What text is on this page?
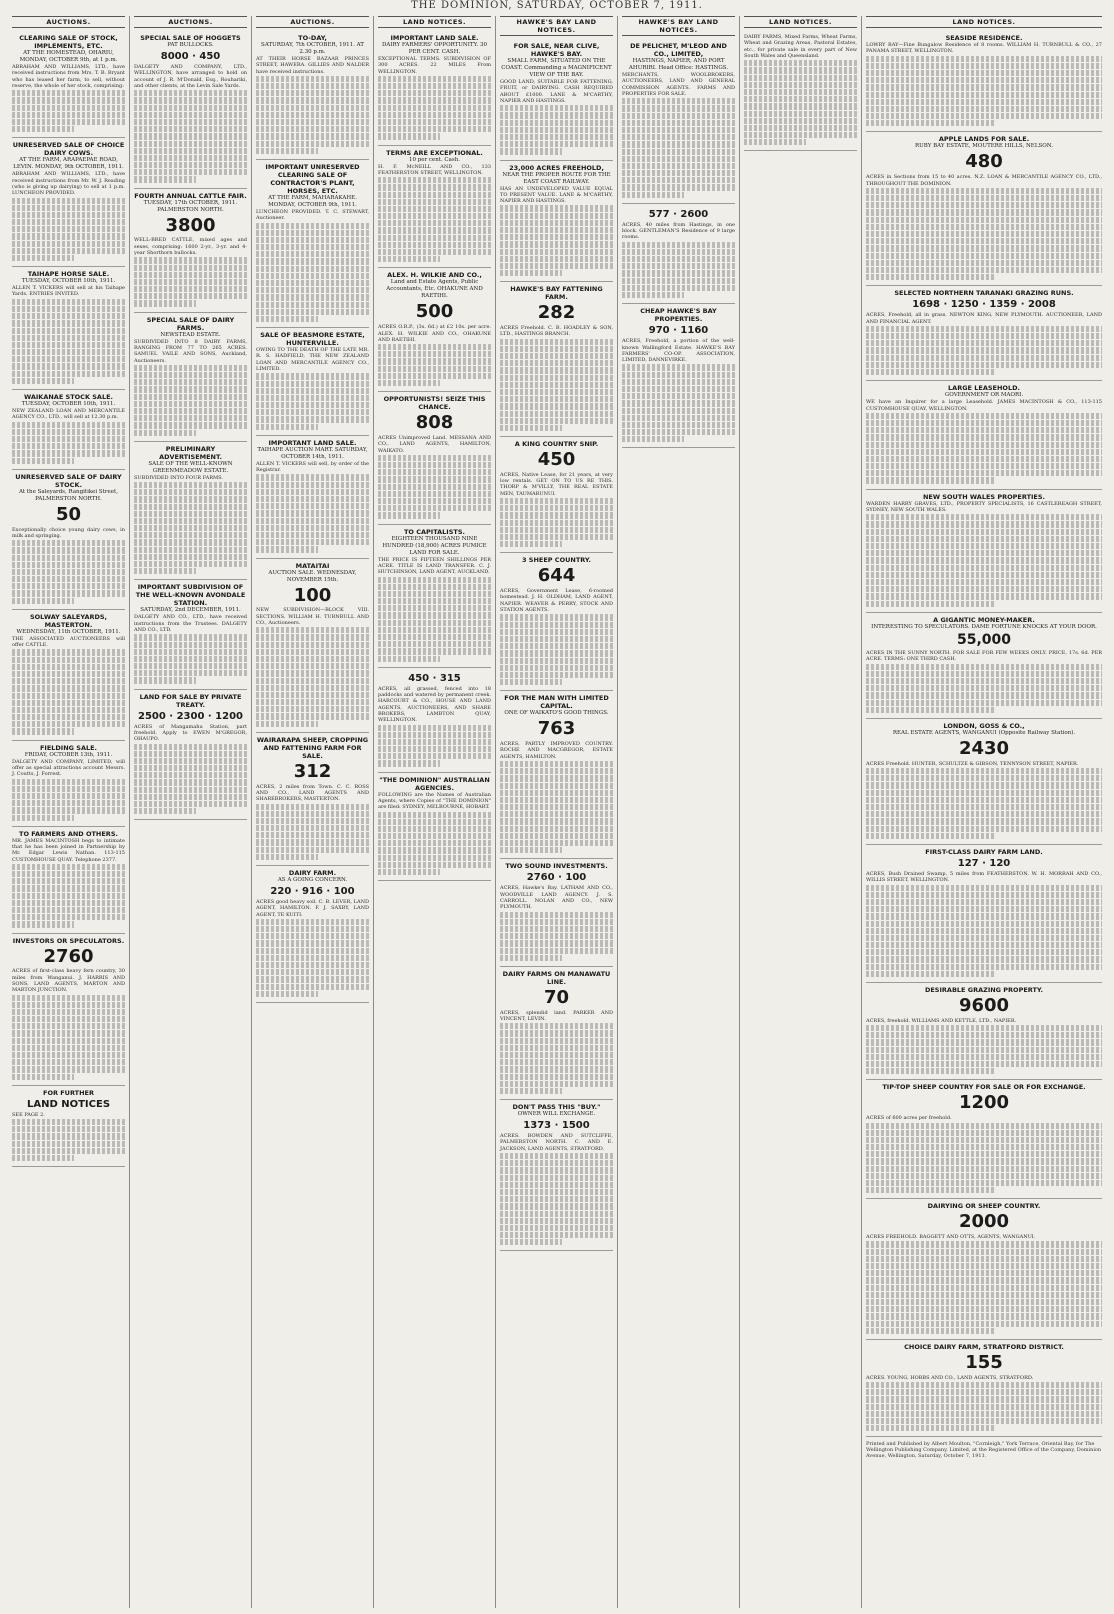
THE DOMINION, SATURDAY, OCTOBER 7, 1911.
AUCTIONS.
CLEARING SALE OF STOCK, IMPLEMENTS, ETC.
AT THE HOMESTEAD, OHARIU, MONDAY, OCTOBER 9th, at 1 p.m.
ABRAHAM AND WILLIAMS, LTD., have received instructions from Mrs. T. B. Bryant who has leased her farm, to sell, without reserve, the whole of her stock, comprising:
UNRESERVED SALE OF CHOICE DAIRY COWS.
AT THE FARM, ARAPAEPAE ROAD, LEVIN. MONDAY, 9th OCTOBER, 1911.
ABRAHAM AND WILLIAMS, LTD., have received instructions from Mr. W. J. Reading (who is giving up dairying) to sell at 1 p.m. LUNCHEON PROVIDED.
TAIHAPE HORSE SALE.
TUESDAY, OCTOBER 10th, 1911.
ALLEN T. VICKERS will sell at his Taihape Yards. ENTRIES INVITED.
WAIKANAE STOCK SALE.
TUESDAY, OCTOBER 10th, 1911.
NEW ZEALAND LOAN AND MERCANTILE AGENCY CO., LTD., will sell at 12.30 p.m.
UNRESERVED SALE OF DAIRY STOCK.
At the Saleyards, Rangitikei Street, PALMERSTON NORTH.
50
Exceptionally choice young dairy cows, in milk and springing.
SOLWAY SALEYARDS, MASTERTON.
WEDNESDAY, 11th OCTOBER, 1911.
THE ASSOCIATED AUCTIONEERS will offer CATTLE.
FIELDING SALE.
FRIDAY, OCTOBER 13th, 1911.
DALGETY AND COMPANY, LIMITED, will offer as special attractions account Messrs. J. Coutts, J. Forrest.
TO FARMERS AND OTHERS.
MR. JAMES MACINTOSH begs to intimate that he has been joined in Partnership by Mr. Edgar Lewis Nathan. 113-115 CUSTOMHOUSE QUAY. Telephone 2377.
INVESTORS OR SPECULATORS.
2760
ACRES of first-class heavy fern country, 30 miles from Wanganui. J. HARRIS AND SONS, LAND AGENTS, MARTON AND MARTON JUNCTION.
FOR FURTHER
LAND NOTICES
SEE PAGE 2.
AUCTIONS.
SPECIAL SALE OF HOGGETS
PAT BULLOCKS.
8000 · 450
DALGETY AND COMPANY, LTD., WELLINGTON, have arranged to hold on account of J. R. M'Donald, Esq., Rouhariki, and other clients, at the Levin Sale Yards.
FOURTH ANNUAL CATTLE FAIR.
TUESDAY, 17th OCTOBER, 1911. PALMERSTON NORTH.
3800
WELL-BRED CATTLE, mixed ages and sexes, comprising: 1600 2-yr., 3-yr. and 4-year Shorthorn bullocks.
SPECIAL SALE OF DAIRY FARMS.
NEWSTEAD ESTATE.
SUBDIVIDED INTO 8 DAIRY FARMS, RANGING FROM 77 TO 265 ACRES. SAMUEL VAILE AND SONS, Auckland, Auctioneers.
PRELIMINARY ADVERTISEMENT.
SALE OF THE WELL-KNOWN GREENMEADOW ESTATE.
SUBDIVIDED INTO FOUR FARMS.
IMPORTANT SUBDIVISION OF THE WELL-KNOWN AVONDALE STATION.
SATURDAY, 2nd DECEMBER, 1911.
DALGETY AND CO., LTD., have received instructions from the Trustees. DALGETY AND CO., LTD.
LAND FOR SALE BY PRIVATE TREATY.
2500 · 2300 · 1200
ACRES of Mangamahu Station, part freehold. Apply to EWEN M'GREGOR, OHAUPO.
AUCTIONS.
TO-DAY,
SATURDAY, 7th OCTOBER, 1911. AT 2.30 p.m.
AT THEIR HORSE BAZAAR PRINCES STREET, HAWERA. GILLIES AND NALDER have received instructions.
IMPORTANT UNRESERVED CLEARING SALE OF CONTRACTOR'S PLANT, HORSES, ETC.
AT THE FARM, MAHARAKAHE. MONDAY, OCTOBER 9th, 1911.
LUNCHEON PROVIDED. T. C. STEWART, Auctioneer.
SALE OF BEASMORE ESTATE, HUNTERVILLE.
OWING TO THE DEATH OF THE LATE MR. R. S. HADFIELD, THE NEW ZEALAND LOAN AND MERCANTILE AGENCY CO., LIMITED.
IMPORTANT LAND SALE.
TAIHAPE AUCTION MART. SATURDAY, OCTOBER 14th, 1911.
ALLEN T. VICKERS will sell, by order of the Registrar.
MATAITAI
AUCTION SALE. WEDNESDAY, NOVEMBER 15th.
100
NEW SUBDIVISION—BLOCK VIII. SECTIONS. WILLIAM H. TURNBULL AND CO., Auctioneers.
WAIRARAPA SHEEP, CROPPING AND FATTENING FARM FOR SALE.
312
ACRES, 2 miles from Town. C. C. ROSS AND CO., LAND AGENTS AND SHAREBROKERS, MASTERTON.
DAIRY FARM.
AS A GOING CONCERN.
220 · 916 · 100
ACRES good heavy soil. C. B. LEVER, LAND AGENT, HAMILTON. F. J. SAXBY, LAND AGENT, TE KUITI.
LAND NOTICES.
IMPORTANT LAND SALE.
DAIRY FARMERS' OPPORTUNITY. 30 PER CENT. CASH.
EXCEPTIONAL TERMS. SUBDIVISION OF 300 ACRES. 22 MILES From WELLINGTON.
TERMS ARE EXCEPTIONAL.
10 per cent. Cash.
H. F. McNEILL AND CO., 133 FEATHERSTON STREET, WELLINGTON.
ALEX. H. WILKIE AND CO.,
Land and Estate Agents, Public Accountants, Etc. OHAKUNE AND RAETIHI.
500
ACRES O.R.P., (3s. 6d.) at £2 10s. per acre. ALEX. H. WILKIE AND CO., OHAKUNE AND RAETIHI.
OPPORTUNISTS! SEIZE THIS CHANCE.
808
ACRES Unimproved Land. MESSANA AND CO., LAND AGENTS, HAMILTON, WAIKATO.
TO CAPITALISTS.
EIGHTEEN THOUSAND NINE HUNDRED (18,900) ACRES PUMICE LAND FOR SALE.
THE PRICE IS FIFTEEN SHILLINGS PER ACRE. TITLE IS LAND TRANSFER. C. J. HUTCHINSON, LAND AGENT, AUCKLAND.
450 · 315
ACRES, all grassed, fenced into 18 paddocks and watered by permanent creek. HARCOURT & CO., HOUSE AND LAND AGENTS, AUCTIONEERS, AND SHARE BROKERS, LAMBTON QUAY, WELLINGTON.
"THE DOMINION" AUSTRALIAN AGENCIES.
FOLLOWING are the Names of Australian Agents, where Copies of "THE DOMINION" are filed: SYDNEY, MELBOURNE, HOBART.
HAWKE'S BAY LAND NOTICES.
FOR SALE, NEAR CLIVE, HAWKE'S BAY.
SMALL FARM, SITUATED ON THE COAST. Commanding a MAGNIFICENT VIEW OF THE BAY.
GOOD LAND, SUITABLE FOR FATTENING, FRUIT, or DAIRYING. CASH REQUIRED ABOUT £1000. LANE & M'CARTHY, NAPIER AND HASTINGS.
23,000 ACRES FREEHOLD,
NEAR THE PROPER ROUTE FOR THE EAST COAST RAILWAY.
HAS AN UNDEVELOPED VALUE EQUAL TO PRESENT VALUE. LANE & M'CARTHY, NAPIER AND HASTINGS.
HAWKE'S BAY FATTENING FARM.
282
ACRES Freehold. C. B. HOADLEY & SON, LTD., HASTINGS BRANCH.
A KING COUNTRY SNIP.
450
ACRES, Native Lease, for 21 years, at very low rentals. GET ON TO US RE THIS. THORP & M'VILLY, THE REAL ESTATE MEN, TAUMARUNUI.
3 SHEEP COUNTRY.
644
ACRES, Government Lease, 6-roomed homestead. J. H. OLDHAM, LAND AGENT, NAPIER. WEAVER & PERRY, STOCK AND STATION AGENTS.
FOR THE MAN WITH LIMITED CAPITAL.
ONE OF WAIKATO'S GOOD THINGS.
763
ACRES, PARTLY IMPROVED COUNTRY. ROCHE AND MACGREGOR, ESTATE AGENTS, HAMILTON.
TWO SOUND INVESTMENTS.
2760 · 100
ACRES, Hawke's Bay. LATHAM AND CO., WOODVILLE LAND AGENCY. J. S. CARROLL. NOLAN AND CO., NEW PLYMOUTH.
DAIRY FARMS ON MANAWATU LINE.
70
ACRES, splendid land. PARKER AND VINCENT, LEVIN.
DON'T PASS THIS "BUY."
OWNER WILL EXCHANGE.
1373 · 1500
ACRES. BOWDEN AND SUTCLIFFE, PALMERSTON NORTH. C. AND E. JACKSON, LAND AGENTS, STRATFORD.
HAWKE'S BAY LAND NOTICES.
DE PELICHET, M'LEOD AND CO., LIMITED,
HASTINGS, NAPIER, AND PORT AHURIRI. Head Office: HASTINGS.
MERCHANTS, WOOLBROKERS, AUCTIONEERS, LAND AND GENERAL COMMISSION AGENTS. FARMS AND PROPERTIES FOR SALE.
577 · 2600
ACRES, 40 miles from Hastings, in one block. GENTLEMAN'S Residence of 9 large rooms.
CHEAP HAWKE'S BAY PROPERTIES.
970 · 1160
ACRES, Freehold, a portion of the well-known Wallingford Estate. HAWKE'S BAY FARMERS' CO-OP. ASSOCIATION, LIMITED, DANNEVIRKE.
LAND NOTICES.
DAIRY FARMS, Mixed Farms, Wheat Farms, Wheat and Grazing Areas, Pastoral Estates, etc., for private sale in every part of New South Wales and Queensland.
LAND NOTICES.
SEASIDE RESIDENCE.
LOWRY BAY—Fine Bungalow Residence of 8 rooms. WILLIAM H. TURNBULL & CO., 27 PANAMA STREET, WELLINGTON.
APPLE LANDS FOR SALE.
RUBY BAY ESTATE, MOUTERE HILLS, NELSON.
480
ACRES in Sections from 15 to 40 acres. N.Z. LOAN & MERCANTILE AGENCY CO., LTD., THROUGHOUT THE DOMINION.
SELECTED NORTHERN TARANAKI GRAZING RUNS.
1698 · 1250 · 1359 · 2008
ACRES, Freehold, all in grass. NEWTON KING, NEW PLYMOUTH. AUCTIONEER, LAND AND FINANCIAL AGENT.
LARGE LEASEHOLD.
GOVERNMENT OR MAORI.
WE have an Inquirer for a large Leasehold. JAMES MACINTOSH & CO., 113-115 CUSTOMHOUSE QUAY, WELLINGTON.
NEW SOUTH WALES PROPERTIES.
WARDEN HARRY GRAVES, LTD., PROPERTY SPECIALISTS, 16 CASTLEREAGH STREET, SYDNEY, NEW SOUTH WALES.
A GIGANTIC MONEY-MAKER.
INTERESTING TO SPECULATORS. DAME FORTUNE KNOCKS AT YOUR DOOR.
55,000
ACRES IN THE SUNNY NORTH. FOR SALE FOR FEW WEEKS ONLY. PRICE, 17s. 6d. PER ACRE. TERMS: ONE THIRD CASH.
LONDON, GOSS & CO.,
REAL ESTATE AGENTS, WANGANUI (Opposite Railway Station).
2430
ACRES Freehold. HUNTER, SCHULTZE & GIBSON, TENNYSON STREET, NAPIER.
FIRST-CLASS DAIRY FARM LAND.
127 · 120
ACRES, Bush Drained Swamp, 5 miles from FEATHERSTON. W. H. MORRAH AND CO., WILLIS STREET, WELLINGTON.
DESIRABLE GRAZING PROPERTY.
9600
ACRES, freehold. WILLIAMS AND KETTLE, LTD., NAPIER.
TIP-TOP SHEEP COUNTRY FOR SALE OR FOR EXCHANGE.
1200
ACRES of 600 acres per freehold.
DAIRYING OR SHEEP COUNTRY.
2000
ACRES FREEHOLD. BAGGETT AND OTTS, AGENTS, WANGANUI.
CHOICE DAIRY FARM, STRATFORD DISTRICT.
155
ACRES. YOUNG, HOBBS AND CO., LAND AGENTS, STRATFORD.
Printed and Published by Albert Moulton, "Cornleigh," York Terrace, Oriental Bay, for The Wellington Publishing Company, Limited, at the Registered Office of the Company, Dominion Avenue, Wellington, Saturday, October 7, 1911.
